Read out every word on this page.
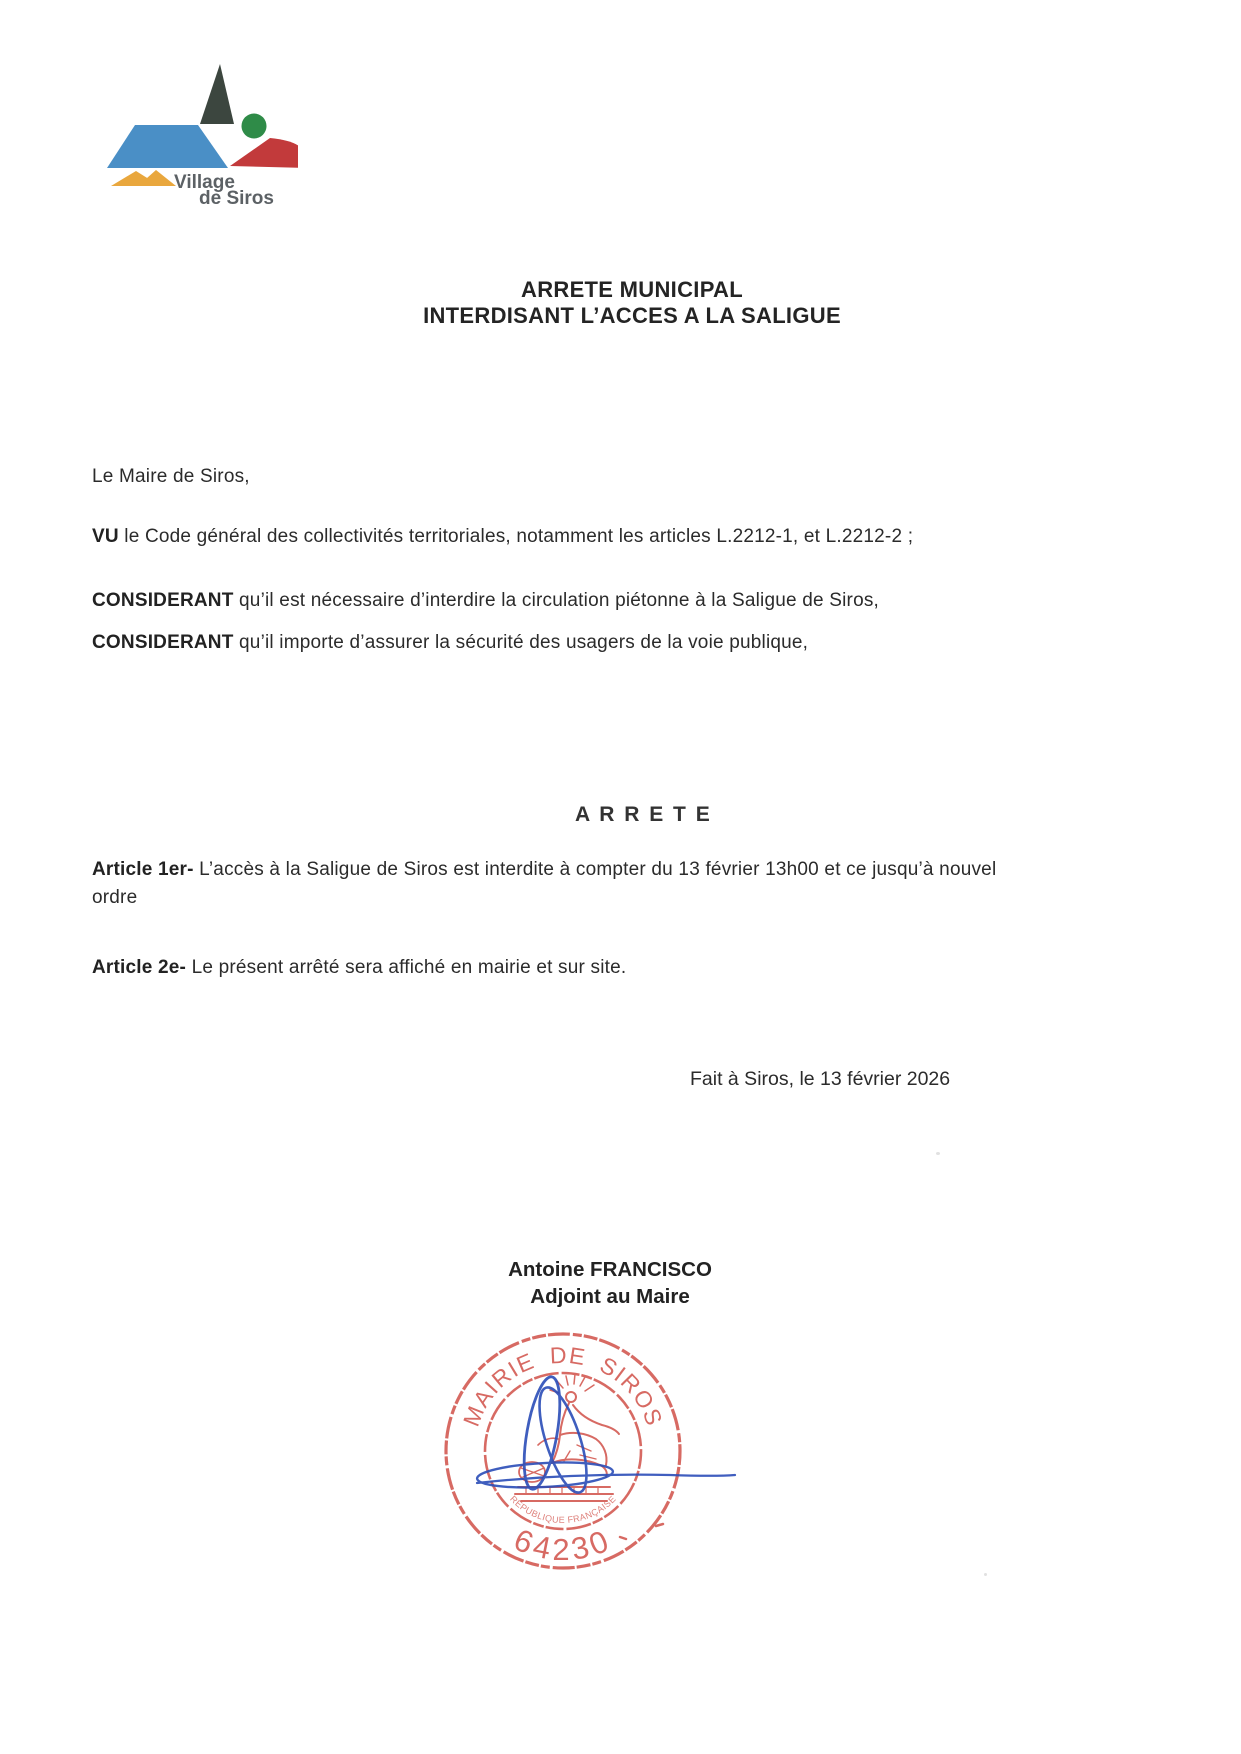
Village
de Siros
ARRETE MUNICIPAL
INTERDISANT L’ACCES A LA SALIGUE
Le Maire de Siros,
VU le Code général des collectivités territoriales, notamment les articles L.2212-1, et L.2212-2 ;
CONSIDERANT qu’il est nécessaire d’interdire la circulation piétonne à la Saligue de Siros,
CONSIDERANT qu’il importe d’assurer la sécurité des usagers de la voie publique,
A R R E T E
Article 1er- L’accès à la Saligue de Siros est interdite à compter du 13 février 13h00 et ce jusqu’à nouvel
ordre
Article 2e- Le présent arrêté sera affiché en mairie et sur site.
Fait à Siros, le 13 février 2026
Antoine FRANCISCO
Adjoint au Maire
MAIRIE DE SIROS
64230
RÉPUBLIQUE FRANÇAISE
